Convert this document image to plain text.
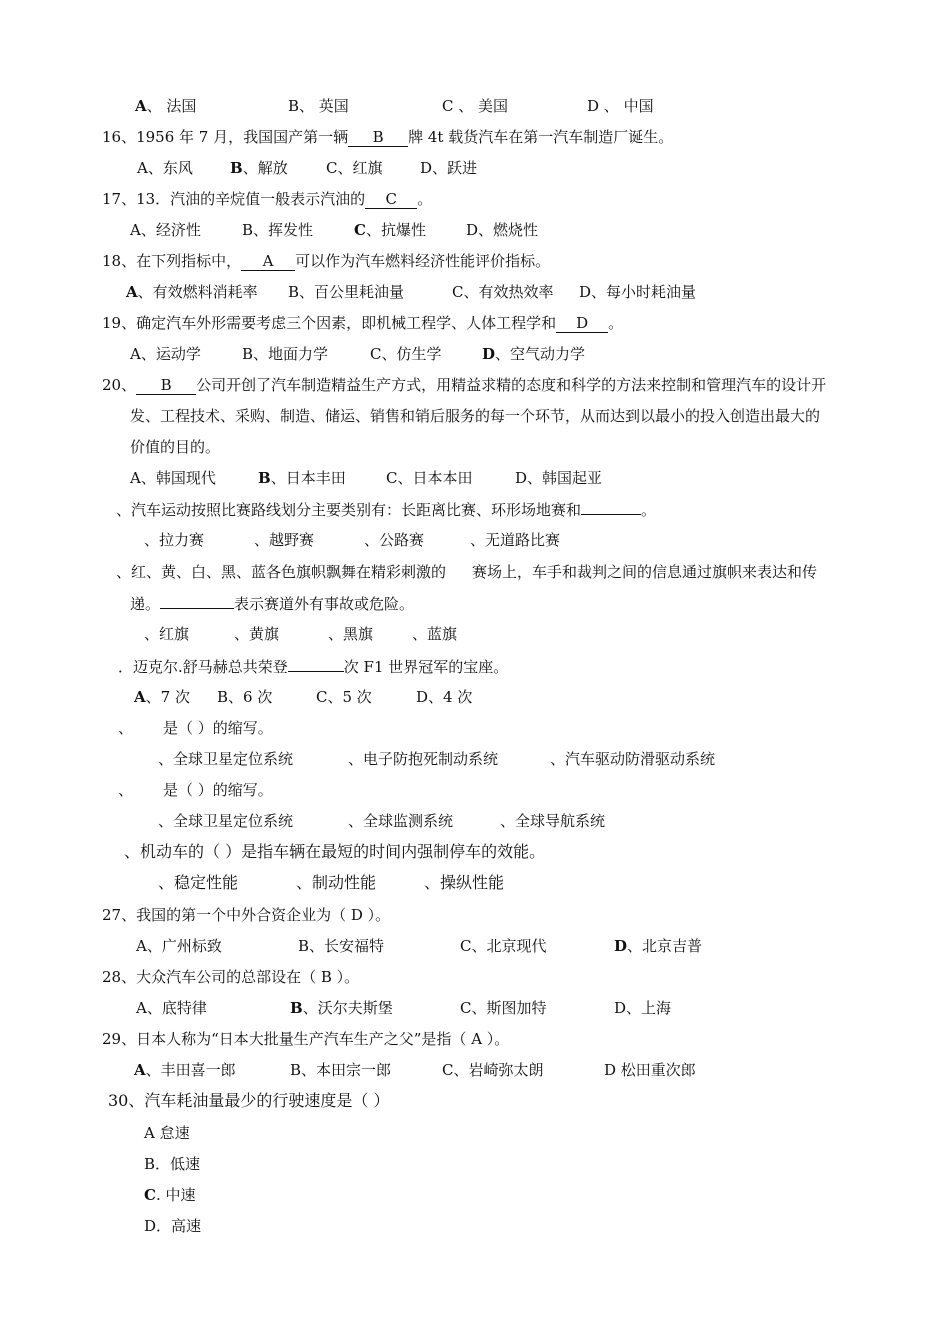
A、 法国	B、 英国	C 、 美国	D 、 中国
16、1956 年 7 月，我国国产第一辆 B 牌 4t 载货汽车在第一汽车制造厂诞生。
A、东风 B、解放	C、红旗	D、跃进
17、13．汽油的辛烷值一般表示汽油的 C 。
A、经济性	B、挥发性	C、抗爆性	D、燃烧性
18、在下列指标中， A 可以作为汽车燃料经济性能评价指标。
A、有效燃料消耗率 B、百公里耗油量	C、有效热效率 D、每小时耗油量
19、确定汽车外形需要考虑三个因素，即机械工程学、人体工程学和 D 。
A、运动学	B、地面力学	C、仿生学	D、空气动力学
20、 B 公司开创了汽车制造精益生产方式，用精益求精的态度和科学的方法来控制和管理汽车的设计开
发、工程技术、采购、制造、储运、销售和销后服务的每一个环节，从而达到以最小的投入创造出最大的
价值的目的。
A、韩国现代	B、日本丰田	C、日本本田	D、韩国起亚
、汽车运动按照比赛路线划分主要类别有：长距离比赛、环形场地赛和	。
、拉力赛	、越野赛	、公路赛	、无道路比赛
、红、黄、白、黑、蓝各色旗帜飘舞在精彩刺激的 赛场上，车手和裁判之间的信息通过旗帜来表达和传
递。	表示赛道外有事故或危险。
、红旗	、黄旗	、黑旗	、蓝旗
．迈克尔.舒马赫总共荣登	次 F1 世界冠军的宝座。
A、7 次 B、6 次	C、5 次	D、4 次
、 是（ ）的缩写。
、全球卫星定位系统	、电子防抱死制动系统	、汽车驱动防滑驱动系统
、 是（ ）的缩写。
、全球卫星定位系统	、全球监测系统	、全球导航系统
、机动车的（ ）是指车辆在最短的时间内强制停车的效能。
、稳定性能	、制动性能	、操纵性能
27、我国的第一个中外合资企业为（ D ）。
A、广州标致	B、长安福特	C、北京现代	D、北京吉普
28、大众汽车公司的总部设在（ B ）。
A、底特律	B、沃尔夫斯堡	C、斯图加特	D、上海
29、日本人称为“日本大批量生产汽车生产之父”是指（ A ）。
A、丰田喜一郎	B、本田宗一郎	C、岩崎弥太朗	D 松田重次郎
30、汽车耗油量最少的行驶速度是（ ）
A 怠速
B．低速
C. 中速
D．高速
